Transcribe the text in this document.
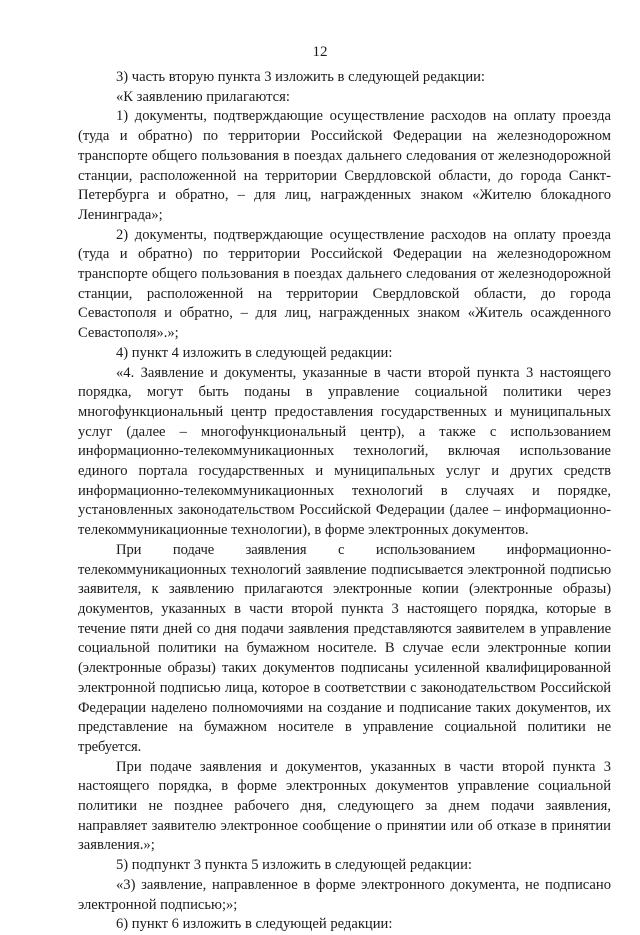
12

3) часть вторую пункта 3 изложить в следующей редакции:

«К заявлению прилагаются:

1) документы, подтверждающие осуществление расходов на оплату проезда (туда и обратно) по территории Российской Федерации на железнодорожном транспорте общего пользования в поездах дальнего следования от железнодорожной станции, расположенной на территории Свердловской области, до города Санкт-Петербурга и обратно, – для лиц, награжденных знаком «Жителю блокадного Ленинграда»;

2) документы, подтверждающие осуществление расходов на оплату проезда (туда и обратно) по территории Российской Федерации на железнодорожном транспорте общего пользования в поездах дальнего следования от железнодорожной станции, расположенной на территории Свердловской области, до города Севастополя и обратно, – для лиц, награжденных знаком «Житель осажденного Севастополя».»;

4) пункт 4 изложить в следующей редакции:

«4. Заявление и документы, указанные в части второй пункта 3 настоящего порядка, могут быть поданы в управление социальной политики через многофункциональный центр предоставления государственных и муниципальных услуг (далее – многофункциональный центр), а также с использованием информационно-телекоммуникационных технологий, включая использование единого портала государственных и муниципальных услуг и других средств информационно-телекоммуникационных технологий в случаях и порядке, установленных законодательством Российской Федерации (далее – информационно-телекоммуникационные технологии), в форме электронных документов.

При подаче заявления с использованием информационно-телекоммуникационных технологий заявление подписывается электронной подписью заявителя, к заявлению прилагаются электронные копии (электронные образы) документов, указанных в части второй пункта 3 настоящего порядка, которые в течение пяти дней со дня подачи заявления представляются заявителем в управление социальной политики на бумажном носителе. В случае если электронные копии (электронные образы) таких документов подписаны усиленной квалифицированной электронной подписью лица, которое в соответствии с законодательством Российской Федерации наделено полномочиями на создание и подписание таких документов, их представление на бумажном носителе в управление социальной политики не требуется.

При подаче заявления и документов, указанных в части второй пункта 3 настоящего порядка, в форме электронных документов управление социальной политики не позднее рабочего дня, следующего за днем подачи заявления, направляет заявителю электронное сообщение о принятии или об отказе в принятии заявления.»;

5) подпункт 3 пункта 5 изложить в следующей редакции:

«3) заявление, направленное в форме электронного документа, не подписано электронной подписью;»;

6) пункт 6 изложить в следующей редакции:
